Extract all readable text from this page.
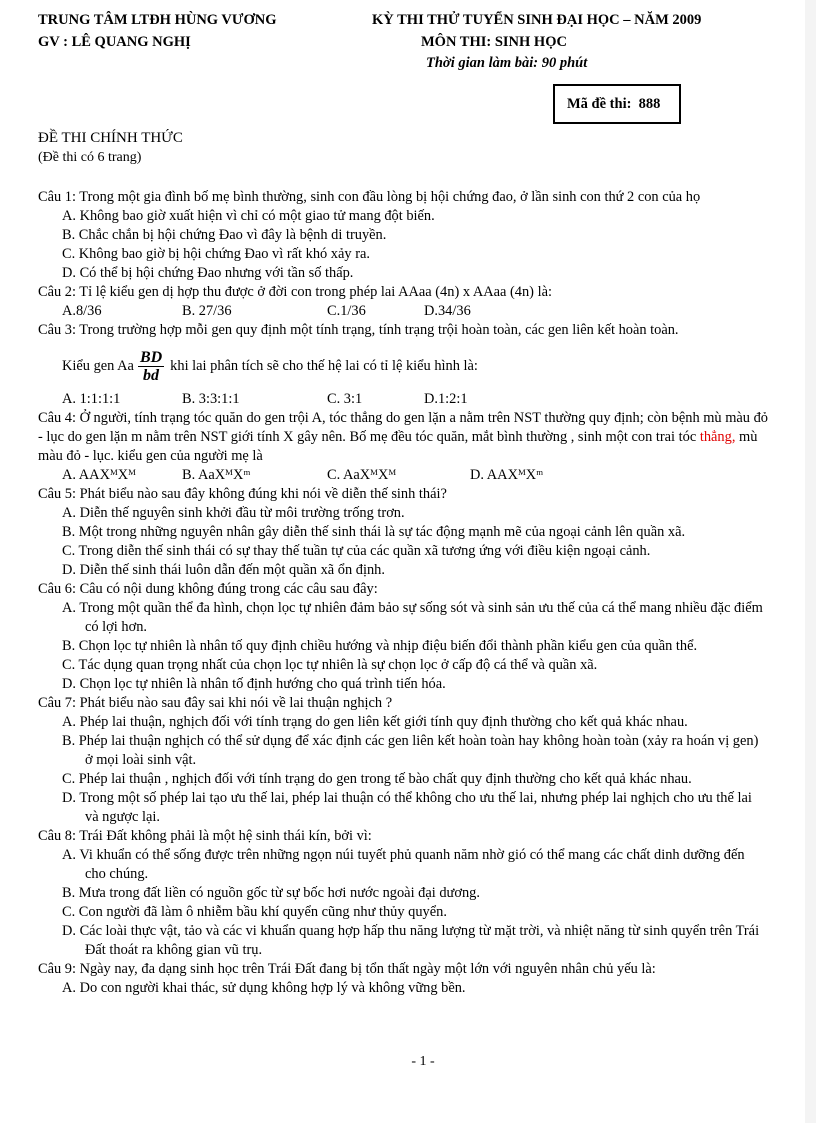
TRUNG TÂM LTĐH HÙNG VƯƠNG
GV : LÊ QUANG NGHỊ
KỲ THI THỬ TUYỂN SINH ĐẠI HỌC – NĂM 2009
MÔN THI: SINH HỌC
Thời gian làm bài: 90 phút
Mã đề thi:  888
ĐỀ THI CHÍNH THỨC
(Đề thi có 6 trang)

Câu 1: Trong một gia đình bố mẹ bình thường, sinh con đầu lòng bị hội chứng đao, ở lần sinh con thứ 2 con của họ

A. Không bao giờ xuất hiện vì chỉ có một giao tử mang đột biến.

B. Chắc chắn bị hội chứng Đao vì đây là bệnh di truyền.

C. Không bao giờ bị hội chứng Đao vì rất khó xảy ra.

D. Có thể bị hội chứng Đao nhưng với tần số thấp.

Câu 2: Tỉ lệ kiểu gen dị hợp thu được ở đời con trong phép lai AAaa (4n) x AAaa (4n) là:

A.8/36	B. 27/36	C.1/36	D.34/36

Câu 3: Trong trường hợp mỗi gen quy định một tính trạng, tính trạng trội hoàn toàn, các gen liên kết hoàn toàn.

Kiểu gen Aa $\frac{BD}{bd}$ khi lai phân tích sẽ cho thế hệ lai có tỉ lệ kiểu hình là:
A. 1:1:1:1	B. 3:3:1:1	C. 3:1	D.1:2:1

Câu 4: Ở người, tính trạng tóc quăn do gen trội A, tóc thẳng do gen lặn a nằm trên NST thường quy định; còn bệnh mù màu đỏ - lục do gen lặn m nằm trên NST giới tính X gây nên. Bố mẹ đều tóc quăn, mắt bình thường , sinh một con trai tóc thẳng, mù màu đỏ - lục. kiểu gen của người mẹ là

A. AAXᴹXᴹ	B. AaXᴹXᵐ	C. AaXᴹXᴹ	D. AAXᴹXᵐ

Câu 5: Phát biểu nào sau đây không đúng khi nói về diễn thế sinh thái?

A. Diễn thế nguyên sinh khởi đầu từ môi trường trống trơn.

B. Một trong những nguyên nhân gây diễn thế sinh thái là sự tác động mạnh mẽ của ngoại cảnh lên quần xã.

C. Trong diễn thế sinh thái có sự thay thế tuần tự của các quần xã tương ứng với điều kiện ngoại cảnh.

D. Diễn thế sinh thái luôn dẫn đến một quần xã ổn định.

Câu 6: Câu có nội dung không đúng trong các câu sau đây:

A. Trong một quần thể đa hình, chọn lọc tự nhiên đảm bảo sự sống sót và sinh sản ưu thế của cá thể mang nhiều đặc điểm có lợi hơn.

B. Chọn lọc tự nhiên là nhân tố quy định chiều hướng và nhịp điệu biến đổi thành phần kiểu gen của quần thể.

C. Tác dụng quan trọng nhất của chọn lọc tự nhiên là sự chọn lọc ở cấp độ cá thể và quần xã.

D. Chọn lọc tự nhiên là nhân tố định hướng cho quá trình tiến hóa.

Câu 7: Phát biểu nào sau đây sai khi nói về lai thuận nghịch ?

A. Phép lai thuận, nghịch đối với tính trạng do gen liên kết giới tính quy định thường cho kết quả khác nhau.

B. Phép lai thuận nghịch có thể sử dụng để xác định các gen liên kết hoàn toàn hay không hoàn toàn (xảy ra hoán vị gen) ở mọi loài sinh vật.

C. Phép lai thuận , nghịch đối với tính trạng do gen trong tế bào chất quy định thường cho kết quả khác nhau.

D. Trong một số phép lai tạo ưu thế lai, phép lai thuận có thể không cho ưu thế lai, nhưng phép lai nghịch cho ưu thế lai và ngược lại.

Câu 8: Trái Đất không phải là một hệ sinh thái kín, bởi vì:

A. Vi khuẩn có thể sống được trên những ngọn núi tuyết phủ quanh năm nhờ gió có thể mang các chất dinh dưỡng đến cho chúng.

B. Mưa trong đất liền có nguồn gốc từ sự bốc hơi nước ngoài đại dương.

C. Con người đã làm ô nhiễm bầu khí quyển cũng như thủy quyển.

D. Các loài thực vật, tảo và các vi khuẩn quang hợp hấp thu năng lượng từ mặt trời, và nhiệt năng từ sinh quyển trên Trái Đất thoát ra không gian vũ trụ.

Câu 9: Ngày nay, đa dạng sinh học trên Trái Đất đang bị tổn thất ngày một lớn với nguyên nhân chủ yếu là:

A. Do con người khai thác, sử dụng không hợp lý và không vững bền.

- 1 -
